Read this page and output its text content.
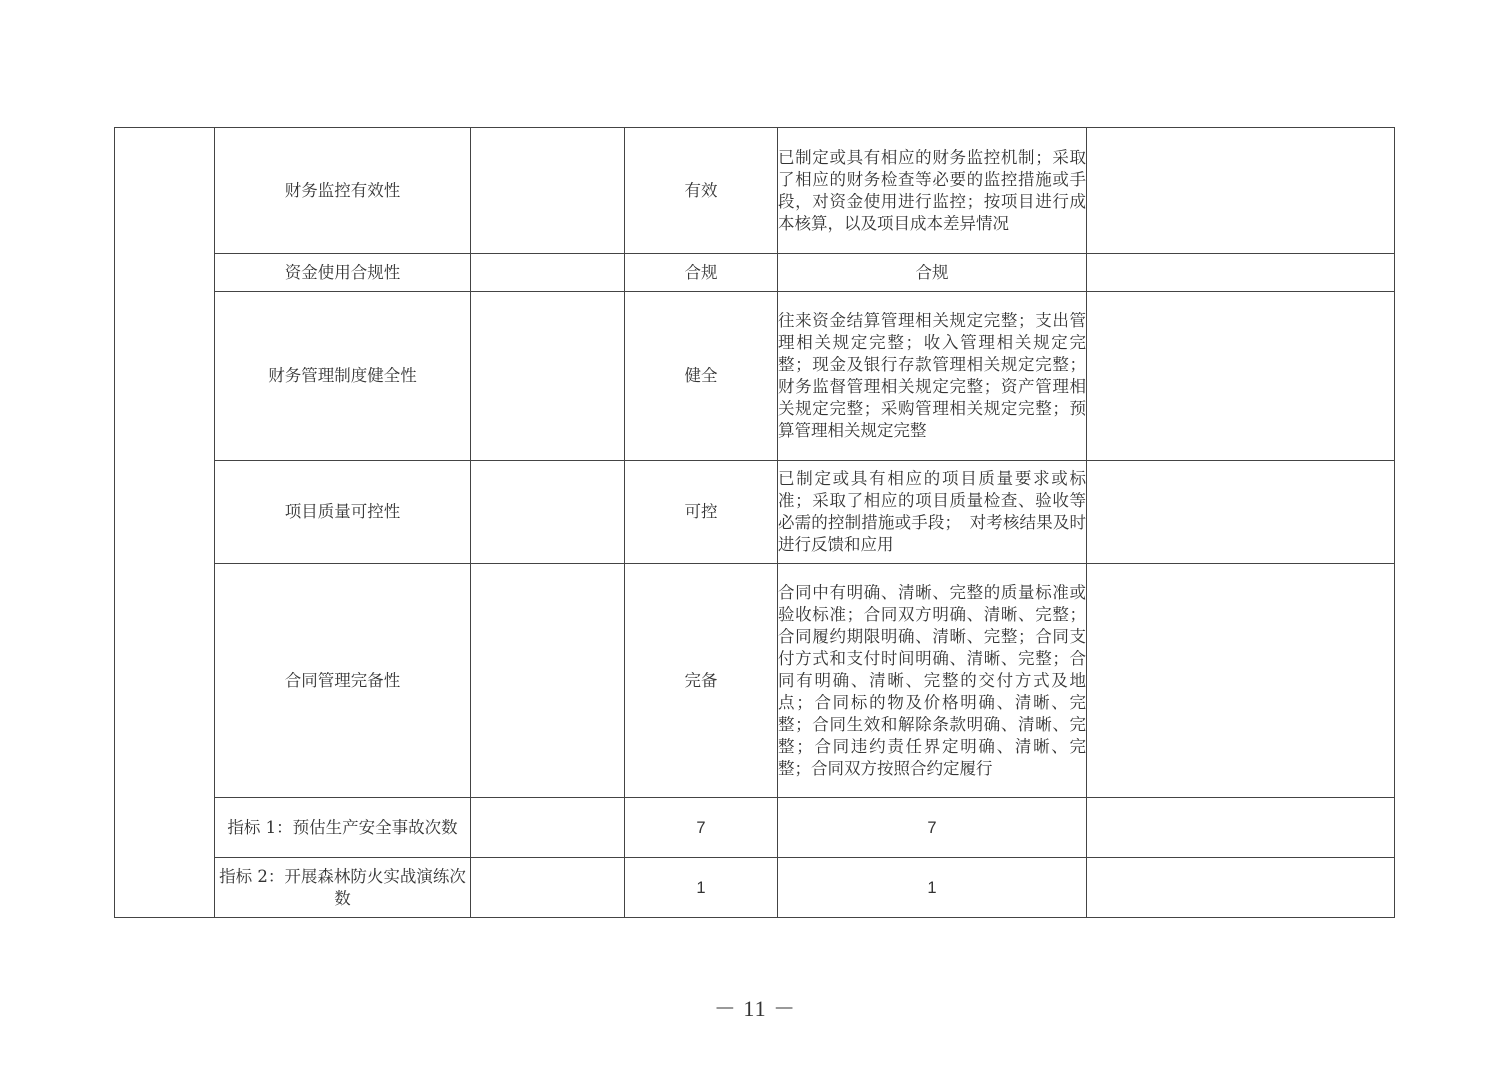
	财务监控有效性		有效	已制定或具有相应的财务监控机制；采取了相应的财务检查等必要的监控措施或手段，对资金使用进行监控；按项目进行成本核算，以及项目成本差异情况	
	资金使用合规性		合规	合规	
	财务管理制度健全性		健全	往来资金结算管理相关规定完整；支出管理相关规定完整；收入管理相关规定完整；现金及银行存款管理相关规定完整；财务监督管理相关规定完整；资产管理相关规定完整；采购管理相关规定完整；预算管理相关规定完整	
	项目质量可控性		可控	已制定或具有相应的项目质量要求或标准；采取了相应的项目质量检查、验收等必需的控制措施或手段；　对考核结果及时进行反馈和应用	
	合同管理完备性		完备	合同中有明确、清晰、完整的质量标准或验收标准；合同双方明确、清晰、完整；合同履约期限明确、清晰、完整；合同支付方式和支付时间明确、清晰、完整；合同有明确、清晰、完整的交付方式及地点；合同标的物及价格明确、清晰、完整；合同生效和解除条款明确、清晰、完整；合同违约责任界定明确、清晰、完整；合同双方按照合约定履行	
	指标 1：预估生产安全事故次数		7	7	
	指标 2：开展森林防火实战演练次数		1	1	
－ 11 －
